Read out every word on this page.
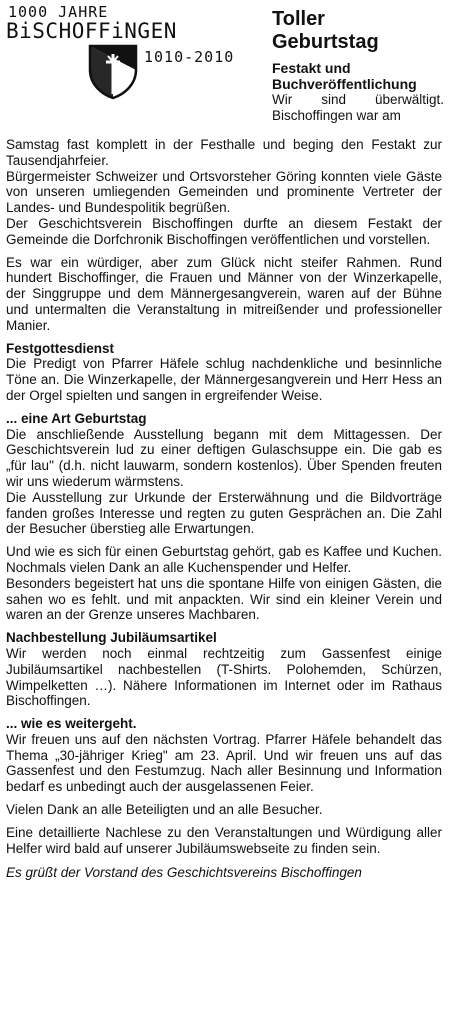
1000 JAHRE
BiSCHOFFiNGEN
1010-2010
Toller
Geburtstag

Festakt und Buchveröffentlichung

Wir sind überwältigt. Bischoffingen war am

Samstag fast komplett in der Festhalle und beging den Festakt zur Tausendjahrfeier.

Bürgermeister Schweizer und Ortsvorsteher Göring konnten viele Gäste von unseren umliegenden Gemeinden und prominente Vertreter der Landes- und Bundespolitik begrüßen.

Der Geschichtsverein Bischoffingen durfte an diesem Festakt der Gemeinde die Dorfchronik Bischoffingen veröffentlichen und vorstellen.

Es war ein würdiger, aber zum Glück nicht steifer Rahmen. Rund hundert Bischoffinger, die Frauen und Männer von der Winzerkapelle, der Singgruppe und dem Männergesangverein, waren auf der Bühne und untermalten die Veranstaltung in mitreißender und professioneller Manier.

Festgottesdienst

Die Predigt von Pfarrer Häfele schlug nachdenkliche und besinnliche Töne an. Die Winzerkapelle, der Männergesangverein und Herr Hess an der Orgel spielten und sangen in ergreifender Weise.

... eine Art Geburtstag

Die anschließende Ausstellung begann mit dem Mittagessen. Der Geschichtsverein lud zu einer deftigen Gulaschsuppe ein. Die gab es „für lau" (d.h. nicht lauwarm, sondern kostenlos). Über Spenden freuten wir uns wiederum wärmstens.

Die Ausstellung zur Urkunde der Ersterwähnung und die Bildvorträge fanden großes Interesse und regten zu guten Gesprächen an. Die Zahl der Besucher überstieg alle Erwartungen.

Und wie es sich für einen Geburtstag gehört, gab es Kaffee und Kuchen. Nochmals vielen Dank an alle Kuchenspender und Helfer.

Besonders begeistert hat uns die spontane Hilfe von einigen Gästen, die sahen wo es fehlt. und mit anpackten. Wir sind ein kleiner Verein und waren an der Grenze unseres Machbaren.

Nachbestellung Jubiläumsartikel

Wir werden noch einmal rechtzeitig zum Gassenfest einige Jubiläumsartikel nachbestellen (T-Shirts. Polohemden, Schürzen, Wimpelketten …). Nähere Informationen im Internet oder im Rathaus Bischoffingen.

... wie es weitergeht.

Wir freuen uns auf den nächsten Vortrag. Pfarrer Häfele behandelt das Thema „30-jähriger Krieg" am 23. April. Und wir freuen uns auf das Gassenfest und den Festumzug. Nach aller Besinnung und Information bedarf es unbedingt auch der ausgelassenen Feier.

Vielen Dank an alle Beteiligten und an alle Besucher.

Eine detaillierte Nachlese zu den Veranstaltungen und Würdigung aller Helfer wird bald auf unserer Jubiläumswebseite zu finden sein.

Es grüßt der Vorstand des Geschichtsvereins Bischoffingen
